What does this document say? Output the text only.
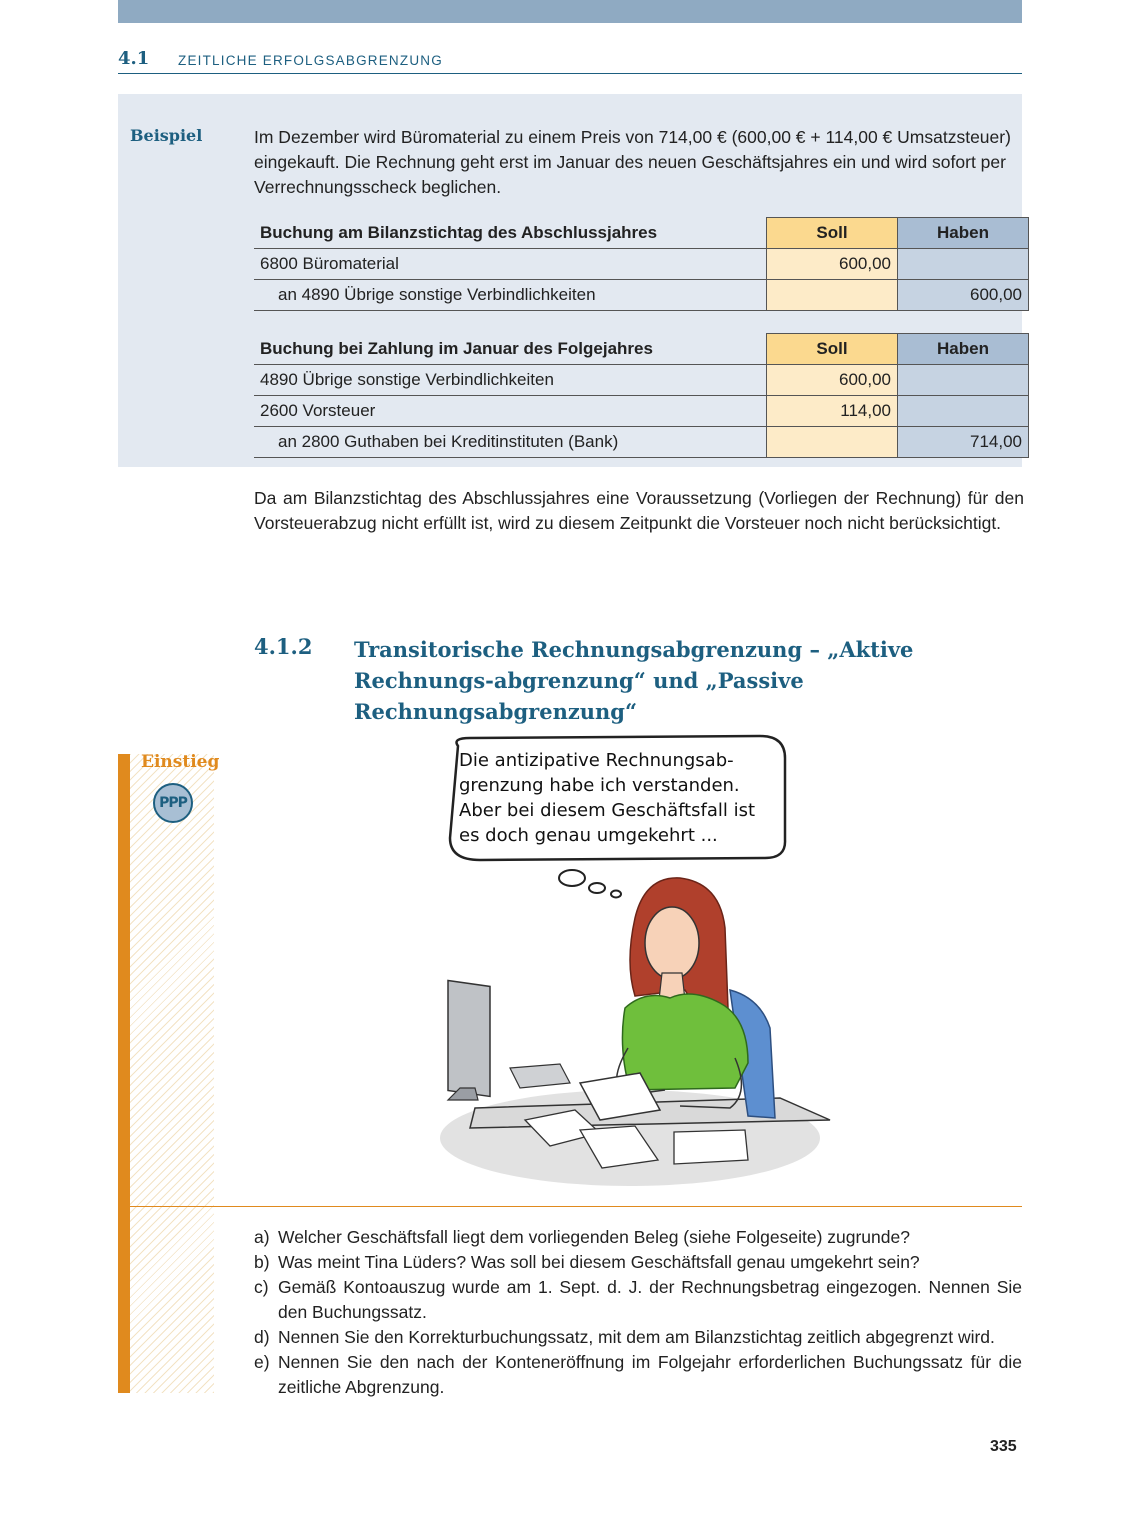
4.1 ZEITLICHE ERFOLGSABGRENZUNG
Beispiel	Im Dezember wird Büromaterial zu einem Preis von 714,00 € (600,00 € + 114,00 € Umsatzsteuer) eingekauft. Die Rechnung geht erst im Januar des neuen Geschäftsjahres ein und wird sofort per Verrechnungsscheck beglichen.
Buchung am Bilanzstichtag des Abschlussjahres	Soll	Haben
6800 Büromaterial	600,00	
an 4890 Übrige sonstige Verbindlichkeiten		600,00
Buchung bei Zahlung im Januar des Folgejahres	Soll	Haben
4890 Übrige sonstige Verbindlichkeiten	600,00	
2600 Vorsteuer	114,00	
an 2800 Guthaben bei Kreditinstituten (Bank)		714,00
Da am Bilanzstichtag des Abschlussjahres eine Voraussetzung (Vorliegen der Rechnung) für den Vorsteuerabzug nicht erfüllt ist, wird zu diesem Zeitpunkt die Vorsteuer noch nicht berücksichtigt.
4.1.2 Transitorische Rechnungsabgrenzung – „Aktive Rechnungs-abgrenzung“ und „Passive Rechnungsabgrenzung“
Einstieg
PPP
Die antizipative Rechnungsab-grenzung habe ich verstanden. Aber bei diesem Geschäftsfall ist es doch genau umgekehrt ...
a) Welcher Geschäftsfall liegt dem vorliegenden Beleg (siehe Folgeseite) zugrunde?
b) Was meint Tina Lüders? Was soll bei diesem Geschäftsfall genau umgekehrt sein?
c) Gemäß Kontoauszug wurde am 1. Sept. d. J. der Rechnungsbetrag eingezogen. Nennen Sie den Buchungssatz.
d) Nennen Sie den Korrekturbuchungssatz, mit dem am Bilanzstichtag zeitlich abgegrenzt wird.
e) Nennen Sie den nach der Konteneröffnung im Folgejahr erforderlichen Buchungssatz für die zeitliche Abgrenzung.
335
